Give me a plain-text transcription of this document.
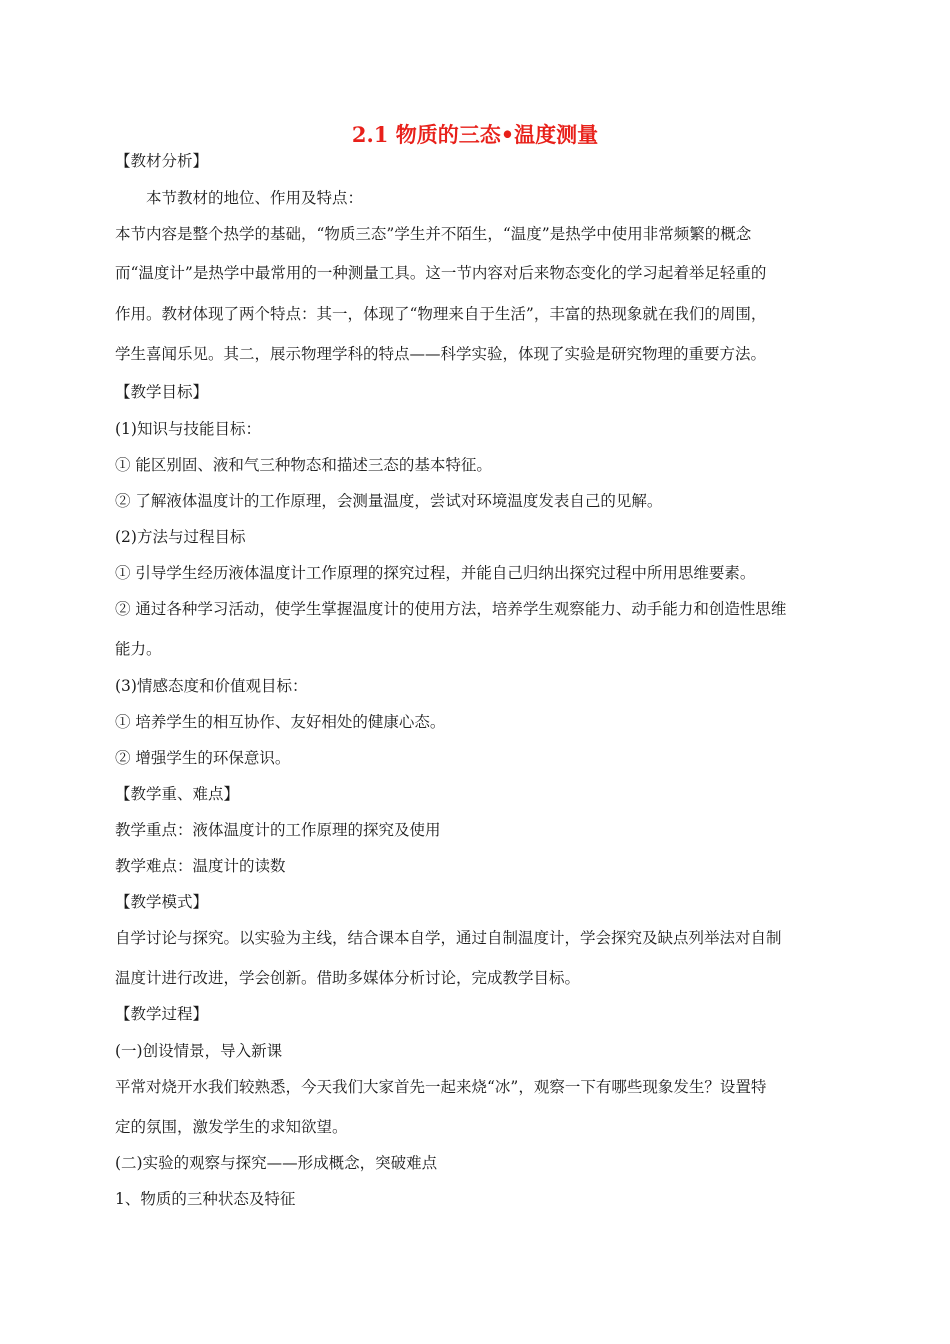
2.1 物质的三态•温度测量
【教材分析】
本节教材的地位、作用及特点：
本节内容是整个热学的基础，“物质三态”学生并不陌生，“温度”是热学中使用非常频繁的概念
而“温度计”是热学中最常用的一种测量工具。这一节内容对后来物态变化的学习起着举足轻重的
作用。教材体现了两个特点：其一，体现了“物理来自于生活”，丰富的热现象就在我们的周围，
学生喜闻乐见。其二，展示物理学科的特点——科学实验，体现了实验是研究物理的重要方法。
【教学目标】
(1)知识与技能目标：
① 能区别固、液和气三种物态和描述三态的基本特征。
② 了解液体温度计的工作原理，会测量温度，尝试对环境温度发表自己的见解。
(2)方法与过程目标
① 引导学生经历液体温度计工作原理的探究过程，并能自己归纳出探究过程中所用思维要素。
② 通过各种学习活动，使学生掌握温度计的使用方法，培养学生观察能力、动手能力和创造性思维
能力。
(3)情感态度和价值观目标：
① 培养学生的相互协作、友好相处的健康心态。
② 增强学生的环保意识。
【教学重、难点】
教学重点：液体温度计的工作原理的探究及使用
教学难点：温度计的读数
【教学模式】
自学讨论与探究。以实验为主线，结合课本自学，通过自制温度计，学会探究及缺点列举法对自制
温度计进行改进，学会创新。借助多媒体分析讨论，完成教学目标。
【教学过程】
(一)创设情景，导入新课
平常对烧开水我们较熟悉，今天我们大家首先一起来烧“冰”，观察一下有哪些现象发生？设置特
定的氛围，激发学生的求知欲望。
(二)实验的观察与探究——形成概念，突破难点
1、物质的三种状态及特征
